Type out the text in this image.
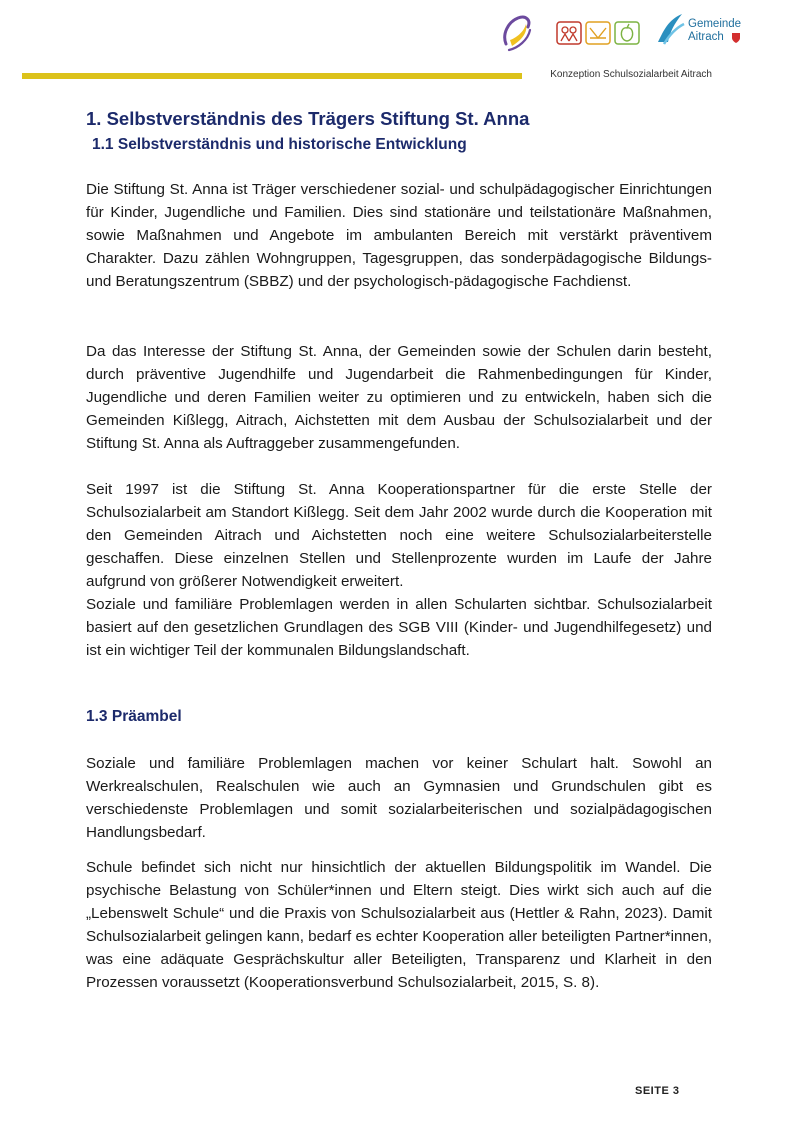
Gemeinde
Aitrach
Konzeption Schulsozialarbeit Aitrach
1. Selbstverständnis des Trägers Stiftung St. Anna
1.1 Selbstverständnis und historische Entwicklung

Die Stiftung St. Anna ist Träger verschiedener sozial- und schulpädagogischer Einrichtungen für Kinder, Jugendliche und Familien. Dies sind stationäre und teilstationäre Maßnahmen, sowie Maßnahmen und Angebote im ambulanten Bereich mit verstärkt präventivem Charakter. Dazu zählen Wohngruppen, Tagesgruppen, das sonderpädagogische Bildungs- und Beratungszentrum (SBBZ) und der psychologisch-pädagogische Fachdienst.

Da das Interesse der Stiftung St. Anna, der Gemeinden sowie der Schulen darin besteht, durch präventive Jugendhilfe und Jugendarbeit die Rahmenbedingungen für Kinder, Jugendliche und deren Familien weiter zu optimieren und zu entwickeln, haben sich die Gemeinden Kißlegg, Aitrach, Aichstetten mit dem Ausbau der Schulsozialarbeit und der Stiftung St. Anna als Auftraggeber zusammengefunden.

Seit 1997 ist die Stiftung St. Anna Kooperationspartner für die erste Stelle der Schulsozialarbeit am Standort Kißlegg. Seit dem Jahr 2002 wurde durch die Kooperation mit den Gemeinden Aitrach und Aichstetten noch eine weitere Schulsozialarbeiterstelle geschaffen. Diese einzelnen Stellen und Stellenprozente wurden im Laufe der Jahre aufgrund von größerer Notwendigkeit erweitert.

Soziale und familiäre Problemlagen werden in allen Schularten sichtbar. Schulsozialarbeit basiert auf den gesetzlichen Grundlagen des SGB VIII (Kinder- und Jugendhilfegesetz) und ist ein wichtiger Teil der kommunalen Bildungslandschaft.

1.3 Präambel

Soziale und familiäre Problemlagen machen vor keiner Schulart halt. Sowohl an Werkrealschulen, Realschulen wie auch an Gymnasien und Grundschulen gibt es verschiedenste Problemlagen und somit sozialarbeiterischen und sozialpädagogischen Handlungsbedarf.

Schule befindet sich nicht nur hinsichtlich der aktuellen Bildungspolitik im Wandel. Die psychische Belastung von Schüler*innen und Eltern steigt. Dies wirkt sich auch auf die „Lebenswelt Schule“ und die Praxis von Schulsozialarbeit aus (Hettler & Rahn, 2023). Damit Schulsozialarbeit gelingen kann, bedarf es echter Kooperation aller beteiligten Partner*innen, was eine adäquate Gesprächskultur aller Beteiligten, Transparenz und Klarheit in den Prozessen voraussetzt (Kooperationsverbund Schulsozialarbeit, 2015, S. 8).

SEITE 3
